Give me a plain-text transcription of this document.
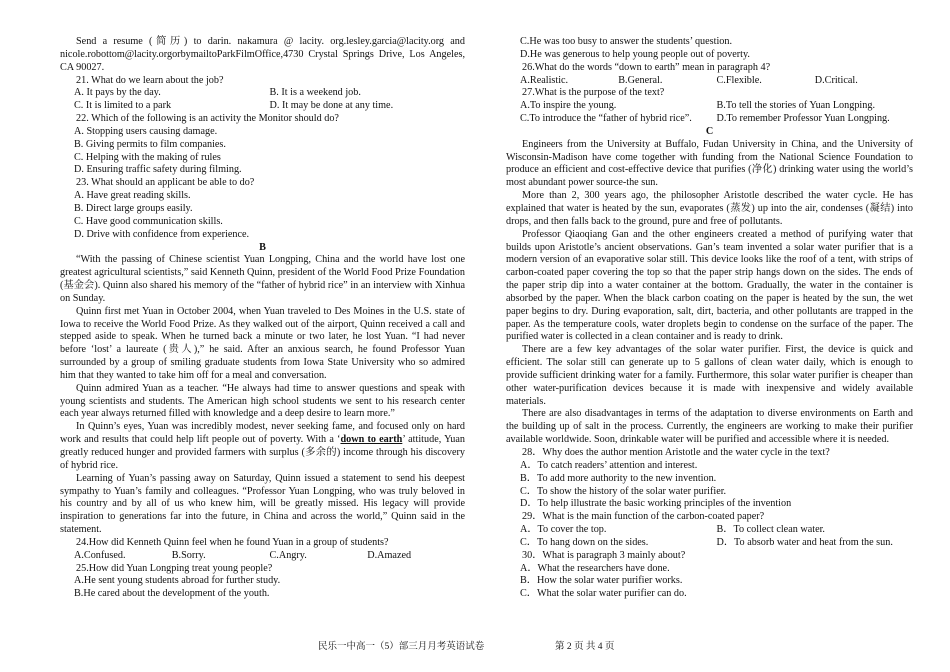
Send a resume (简历) to darin. nakamura @ lacity. org.lesley.garcia@lacity.org and nicole.robottom@lacity.orgorbymailtoParkFilmOffice,4730 Crystal Springs Drive, Los Angeles, CA 90027.

21. What do we learn about the job?

A. It pays by the day.	B. It is a weekend job.
C. It is limited to a park	D. It may be done at any time.

22. Which of the following is an activity the Monitor should do?

A. Stopping users causing damage.

B. Giving permits to film companies.

C. Helping with the making of rules

D. Ensuring traffic safety during filming.

23. What should an applicant be able to do?

A. Have great reading skills.

B. Direct large groups easily.

C. Have good communication skills.

D. Drive with confidence from experience.

B

“With the passing of Chinese scientist Yuan Longping, China and the world have lost one greatest agricultural scientists,” said Kenneth Quinn, president of the World Food Prize Foundation (基金会). Quinn also shared his memory of the “father of hybrid rice” in an interview with Xinhua on Sunday.

Quinn first met Yuan in October 2004, when Yuan traveled to Des Moines in the U.S. state of Iowa to receive the World Food Prize. As they walked out of the airport, Quinn received a call and stepped aside to speak. When he turned back a minute or two later, he lost Yuan. “I had never before ‘lost’ a laureate (贵人),” he said. After an anxious search, he found Professor Yuan surrounded by a group of smiling graduate students from Iowa State University who so admired him that they wanted to take him off for a meal and conversation.

Quinn admired Yuan as a teacher. “He always had time to answer questions and speak with young scientists and students. The American high school students we sent to his research center each year always returned filled with knowledge and a deep desire to learn more.”

In Quinn’s eyes, Yuan was incredibly modest, never seeking fame, and focused only on hard work and results that could help lift people out of poverty. With a ‘down to earth’ attitude, Yuan greatly reduced hunger and provided farmers with surplus (多余的) income through his discovery of hybrid rice.

Learning of Yuan’s passing away on Saturday, Quinn issued a statement to send his deepest sympathy to Yuan’s family and colleagues. “Professor Yuan Longping, who was truly beloved in his country and by all of us who knew him, will be greatly missed. His legacy will provide inspiration to generations far into the future, in China and across the world,” Quinn said in the statement.

24.How did Kenneth Quinn feel when he found Yuan in a group of students?

A.Confused.	B.Sorry.	C.Angry.	D.Amazed

25.How did Yuan Longping treat young people?

A.He sent young students abroad for further study.

B.He cared about the development of the youth.

C.He was too busy to answer the students’ question.

D.He was generous to help young people out of poverty.

26.What do the words “down to earth” mean in paragraph 4?

A.Realistic.	B.General.	C.Flexible.	D.Critical.

27.What is the purpose of the text?

A.To inspire the young.	B.To tell the stories of Yuan Longping.
C.To introduce the “father of hybrid rice”.	D.To remember Professor Yuan Longping.

C

Engineers from the University at Buffalo, Fudan University in China, and the University of Wisconsin-Madison have come together with funding from the National Science Foundation to produce an efficient and cost-effective device that purifies (净化) drinking water using the world’s most abundant power source-the sun.

More than 2, 300 years ago, the philosopher Aristotle described the water cycle. He has explained that water is heated by the sun, evaporates (蒸发) up into the air, condenses (凝结) into drops, and then falls back to the ground, pure and free of pollutants.

Professor Qiaoqiang Gan and the other engineers created a method of purifying water that builds upon Aristotle’s ancient observations. Gan’s team invented a solar water purifier that is a modern version of an evaporative solar still. This device looks like the roof of a tent, with strips of carbon-coated paper covering the top so that the paper strip hangs down on the sides. The ends of the paper strip dip into a water container at the bottom. Gradually, the water in the container is absorbed by the paper. When the black carbon coating on the paper is heated by the sun, the wet paper begins to dry. During evaporation, salt, dirt, bacteria, and other pollutants are trapped in the paper. As the temperature cools, water droplets begin to condense on the surface of the paper. The purified water is collected in a clean container and is ready to drink.

There are a few key advantages of the solar water purifier. First, the device is quick and efficient. The solar still can generate up to 5 gallons of clean water daily, which is enough to provide sufficient drinking water for a family. Furthermore, this solar water purifier is cheaper than other water-purification devices because it is made with inexpensive and widely available materials.

There are also disadvantages in terms of the adaptation to diverse environments on Earth and the building up of salt in the process. Currently, the engineers are working to make their purifier available worldwide. Soon, drinkable water will be purified and accessible where it is needed.

28．Why does the author mention Aristotle and the water cycle in the text?

A．To catch readers’ attention and interest.

B．To add more authority to the new invention.

C．To show the history of the solar water purifier.

D．To help illustrate the basic working principles of the invention

29．What is the main function of the carbon-coated paper?

A．To cover the top.	B．To collect clean water.
C．To hang down on the sides.	D．To absorb water and heat from the sun.

30．What is paragraph 3 mainly about?

A．What the researchers have done.

B．How the solar water purifier works.

C．What the solar water purifier can do.

民乐一中高一（5）部三月月考英语试卷	第 2 页 共 4 页
